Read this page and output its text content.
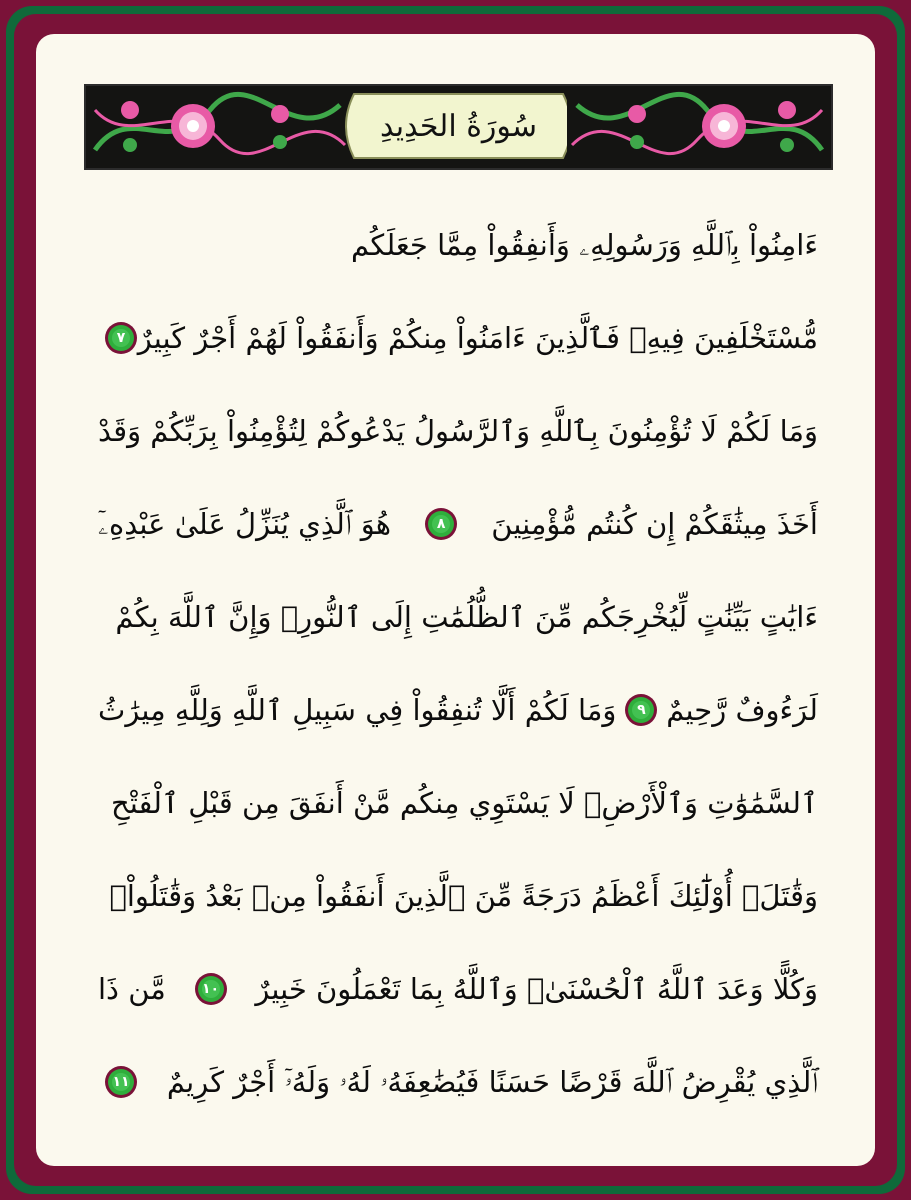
سُورَةُ الحَدِيدِ
ءَامِنُواْ بِٱللَّهِ وَرَسُولِهِۦ وَأَنفِقُواْ مِمَّا جَعَلَكُم
مُّسْتَخْلَفِينَ فِيهِۖ فَٱلَّذِينَ ءَامَنُواْ مِنكُمْ وَأَنفَقُواْ لَهُمْ أَجْرٌ كَبِيرٌ
٧
وَمَا لَكُمْ لَا تُؤْمِنُونَ بِٱللَّهِ وَٱلرَّسُولُ يَدْعُوكُمْ لِتُؤْمِنُواْ بِرَبِّكُمْ وَقَدْ
أَخَذَ مِيثَٰقَكُمْ إِن كُنتُم مُّؤْمِنِينَ
٨
هُوَ ٱلَّذِي يُنَزِّلُ عَلَىٰ عَبْدِهِۦٓ
ءَايَٰتٍ بَيِّنَٰتٍ لِّيُخْرِجَكُم مِّنَ ٱلظُّلُمَٰتِ إِلَى ٱلنُّورِۚ وَإِنَّ ٱللَّهَ بِكُمْ
لَرَءُوفٌ رَّحِيمٌ
٩
وَمَا لَكُمْ أَلَّا تُنفِقُواْ فِي سَبِيلِ ٱللَّهِ وَلِلَّهِ مِيرَٰثُ
ٱلسَّمَٰوَٰتِ وَٱلْأَرْضِۚ لَا يَسْتَوِي مِنكُم مَّنْ أَنفَقَ مِن قَبْلِ ٱلْفَتْحِ
وَقَٰتَلَۚ أُوْلَٰٓئِكَ أَعْظَمُ دَرَجَةً مِّنَ ٱلَّذِينَ أَنفَقُواْ مِنۢ بَعْدُ وَقَٰتَلُواْۚ
وَكُلًّا وَعَدَ ٱللَّهُ ٱلْحُسْنَىٰۚ وَٱللَّهُ بِمَا تَعْمَلُونَ خَبِيرٌ
١٠
مَّن ذَا
ٱلَّذِي يُقْرِضُ ٱللَّهَ قَرْضًا حَسَنًا فَيُضَٰعِفَهُۥ لَهُۥ وَلَهُۥٓ أَجْرٌ كَرِيمٌ
١١
